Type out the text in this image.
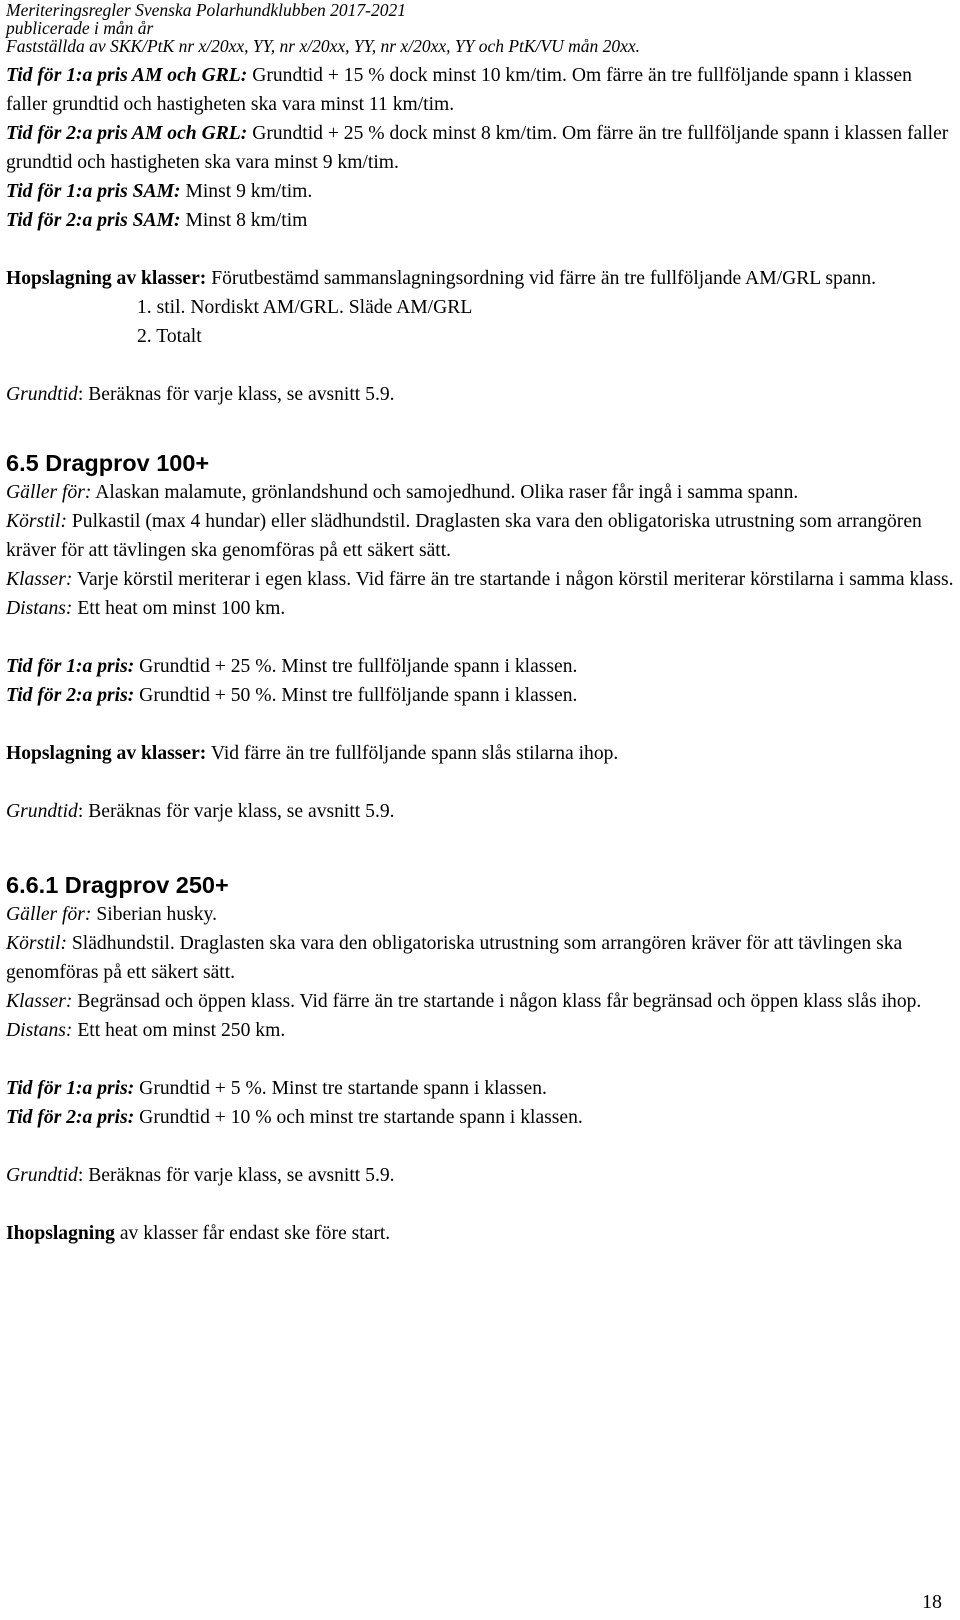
Meriteringsregler Svenska Polarhundklubben 2017-2021
publicerade i mån år
Fastställda av SKK/PtK nr x/20xx, YY, nr x/20xx, YY, nr x/20xx, YY och PtK/VU mån 20xx.

Tid för 1:a pris AM och GRL: Grundtid + 15 % dock minst 10 km/tim. Om färre än tre fullföljande spann i klassen faller grundtid och hastigheten ska vara minst 11 km/tim.

Tid för 2:a pris AM och GRL: Grundtid + 25 % dock minst 8 km/tim. Om färre än tre fullföljande spann i klassen faller grundtid och hastigheten ska vara minst 9 km/tim.

Tid för 1:a pris SAM: Minst 9 km/tim.

Tid för 2:a pris SAM: Minst 8 km/tim

Hopslagning av klasser: Förutbestämd sammanslagningsordning vid färre än tre fullföljande AM/GRL spann.

1. stil. Nordiskt AM/GRL. Släde AM/GRL

2. Totalt

Grundtid: Beräknas för varje klass, se avsnitt 5.9.

6.5 Dragprov 100+

Gäller för: Alaskan malamute, grönlandshund och samojedhund. Olika raser får ingå i samma spann.

Körstil: Pulkastil (max 4 hundar) eller slädhundstil. Draglasten ska vara den obligatoriska utrustning som arrangören kräver för att tävlingen ska genomföras på ett säkert sätt.

Klasser: Varje körstil meriterar i egen klass. Vid färre än tre startande i någon körstil meriterar körstilarna i samma klass.

Distans: Ett heat om minst 100 km.

Tid för 1:a pris: Grundtid + 25 %. Minst tre fullföljande spann i klassen.

Tid för 2:a pris: Grundtid + 50 %. Minst tre fullföljande spann i klassen.

Hopslagning av klasser: Vid färre än tre fullföljande spann slås stilarna ihop.

Grundtid: Beräknas för varje klass, se avsnitt 5.9.

6.6.1 Dragprov 250+

Gäller för: Siberian husky.

Körstil: Slädhundstil. Draglasten ska vara den obligatoriska utrustning som arrangören kräver för att tävlingen ska genomföras på ett säkert sätt.

Klasser: Begränsad och öppen klass. Vid färre än tre startande i någon klass får begränsad och öppen klass slås ihop.

Distans: Ett heat om minst 250 km.

Tid för 1:a pris: Grundtid + 5 %. Minst tre startande spann i klassen.

Tid för 2:a pris: Grundtid + 10 % och minst tre startande spann i klassen.

Grundtid: Beräknas för varje klass, se avsnitt 5.9.

Ihopslagning av klasser får endast ske före start.

18
